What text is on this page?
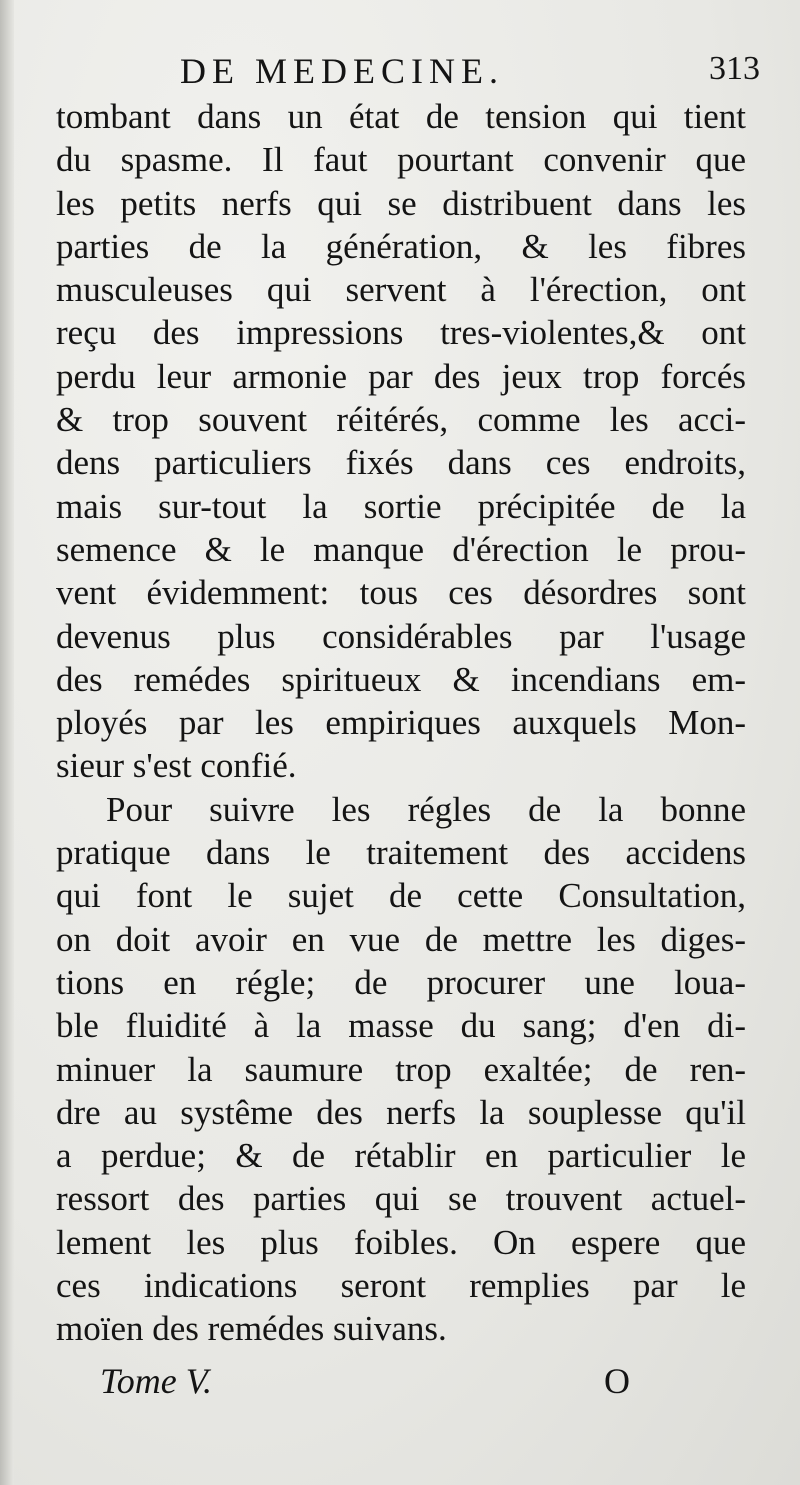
DE MEDECINE.	313
tombant dans un état de tension qui tient
du spasme. Il faut pourtant convenir que
les petits nerfs qui se distribuent dans les
parties de la génération, & les fibres
musculeuses qui servent à l'érection, ont
reçu des impressions tres-violentes,& ont
perdu leur armonie par des jeux trop forcés
& trop souvent réitérés, comme les acci-
dens particuliers fixés dans ces endroits,
mais sur-tout la sortie précipitée de la
semence & le manque d'érection le prou-
vent évidemment: tous ces désordres sont
devenus plus considérables par l'usage
des remédes spiritueux & incendians em-
ployés par les empiriques auxquels Mon-
sieur s'est confié.
Pour suivre les régles de la bonne
pratique dans le traitement des accidens
qui font le sujet de cette Consultation,
on doit avoir en vue de mettre les diges-
tions en régle; de procurer une loua-
ble fluidité à la masse du sang; d'en di-
minuer la saumure trop exaltée; de ren-
dre au systême des nerfs la souplesse qu'il
a perdue; & de rétablir en particulier le
ressort des parties qui se trouvent actuel-
lement les plus foibles. On espere que
ces indications seront remplies par le
moïen des remédes suivans.
Tome V.	O
